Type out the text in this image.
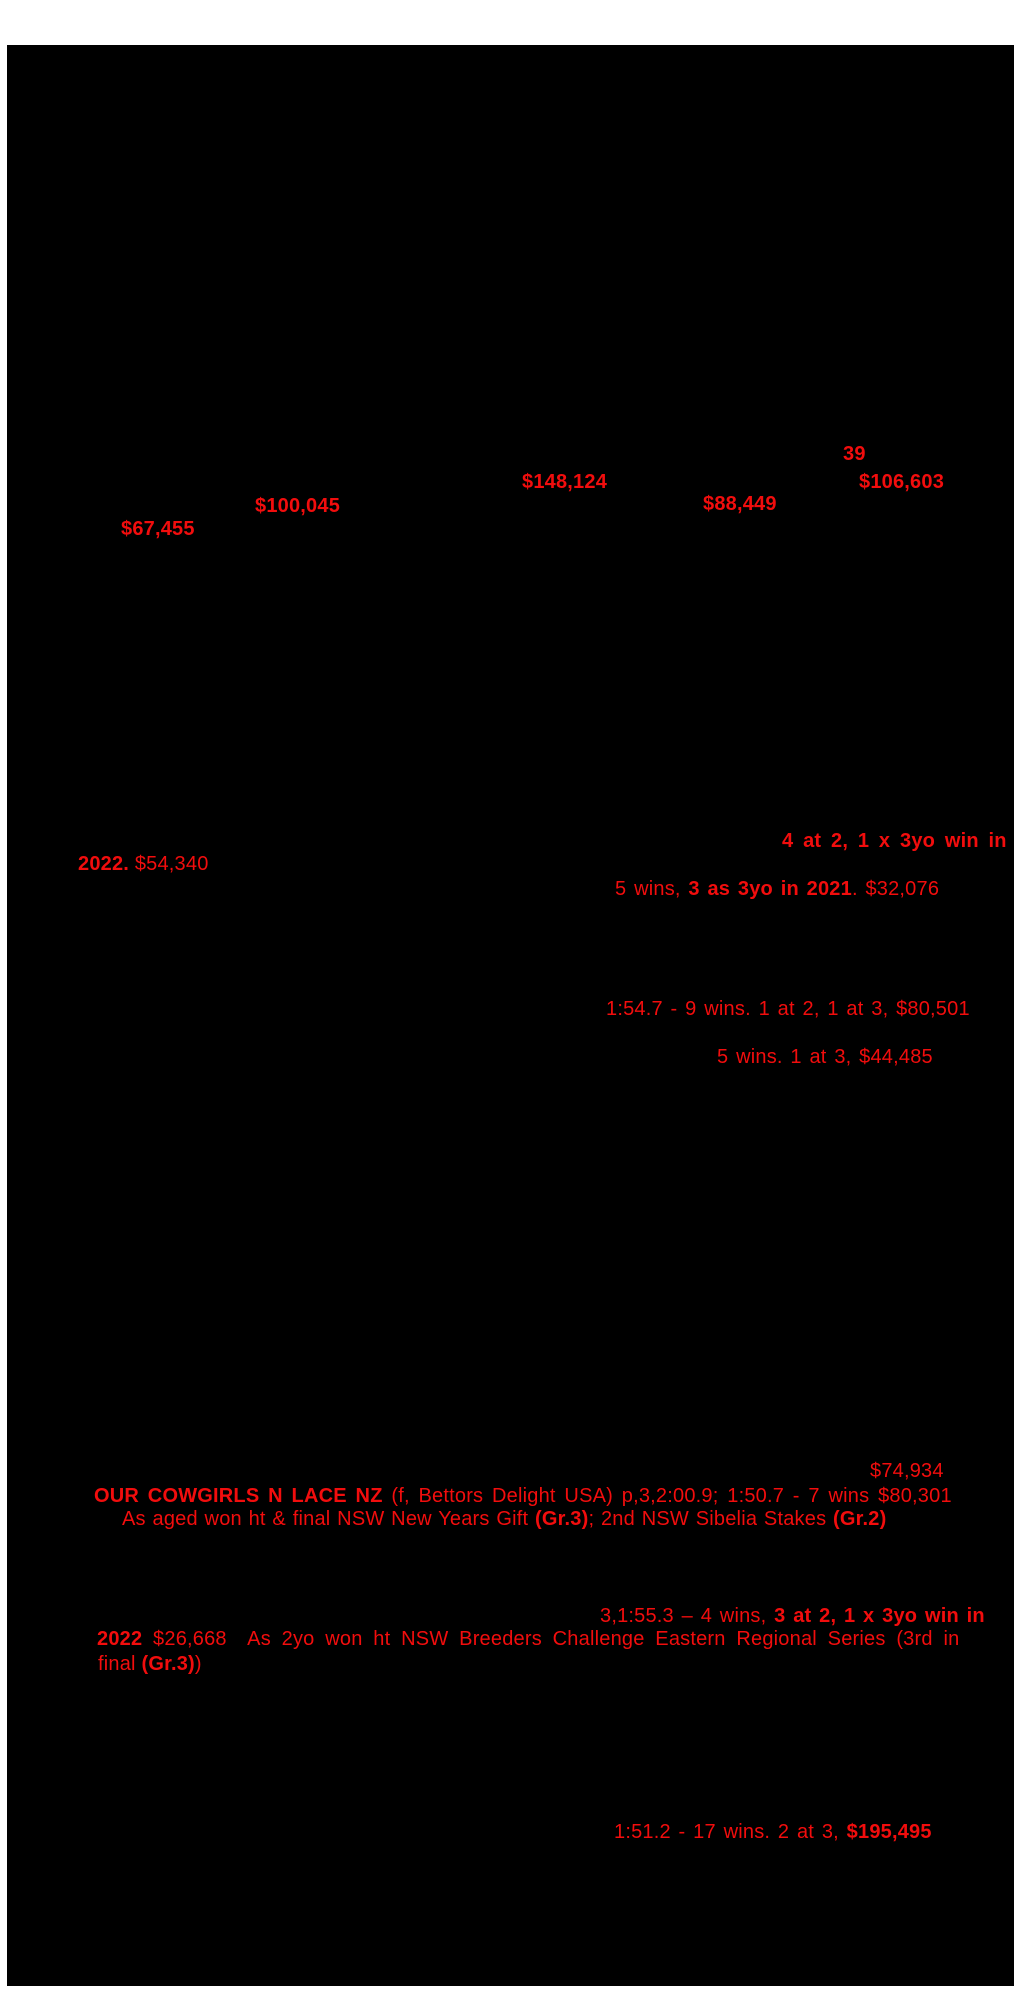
39
$106,603
$148,124
$88,449
$100,045
$67,455
4 at 2, 1 x 3yo win in
2022. $54,340
5 wins, 3 as 3yo in 2021. $32,076
1:54.7 - 9 wins. 1 at 2, 1 at 3, $80,501
5 wins. 1 at 3, $44,485
$74,934
OUR COWGIRLS N LACE NZ (f, Bettors Delight USA) p,3,2:00.9; 1:50.7 - 7 wins $80,301
As aged won ht & final NSW New Years Gift (Gr.3); 2nd NSW Sibelia Stakes (Gr.2)
3,1:55.3 – 4 wins, 3 at 2, 1 x 3yo win in
2022 $26,668  As 2yo won ht NSW Breeders Challenge Eastern Regional Series (3rd in
final (Gr.3))
1:51.2 - 17 wins. 2 at 3, $195,495
